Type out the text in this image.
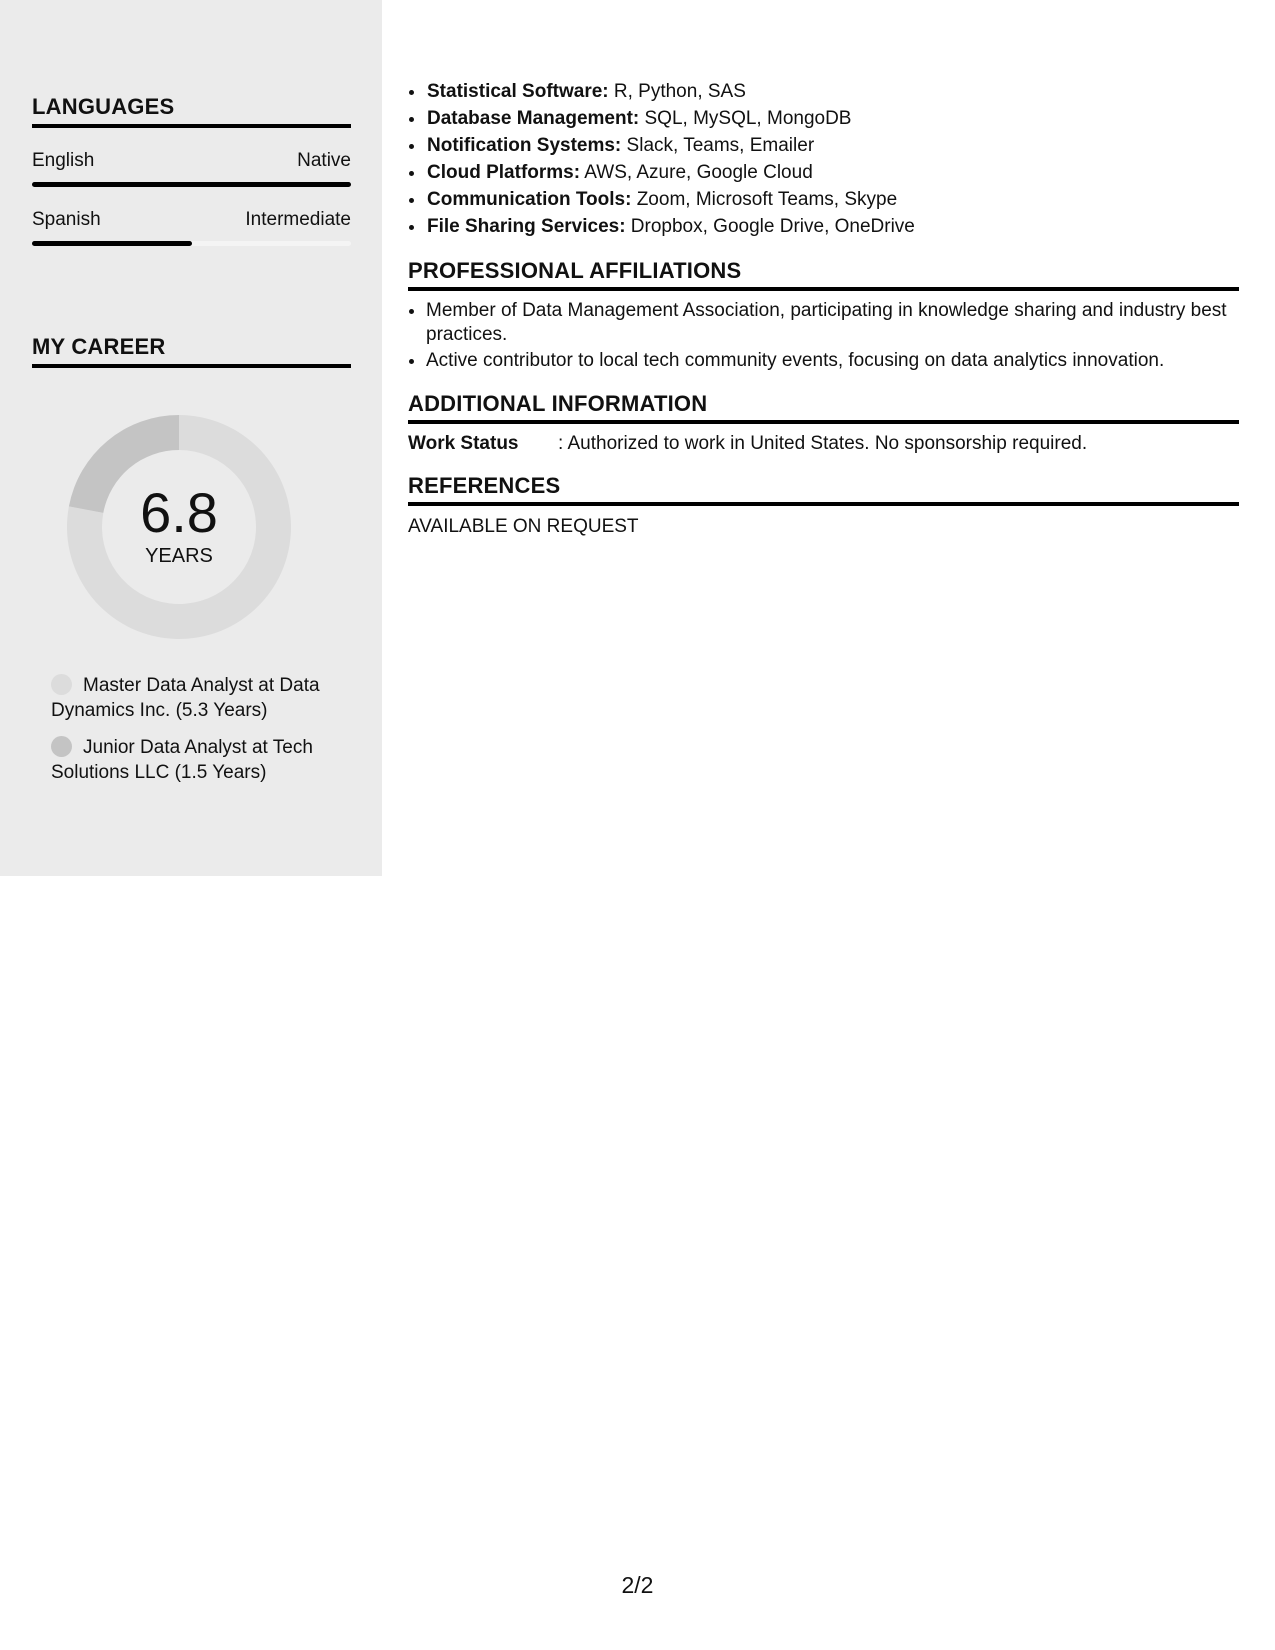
LANGUAGES
English	Native
Spanish	Intermediate
MY CAREER
6.8
YEARS
Master Data Analyst at Data Dynamics Inc. (5.3 Years)
Junior Data Analyst at Tech Solutions LLC (1.5 Years)
• Statistical Software: R, Python, SAS
• Database Management: SQL, MySQL, MongoDB
• Notification Systems: Slack, Teams, Emailer
• Cloud Platforms: AWS, Azure, Google Cloud
• Communication Tools: Zoom, Microsoft Teams, Skype
• File Sharing Services: Dropbox, Google Drive, OneDrive
PROFESSIONAL AFFILIATIONS
• Member of Data Management Association, participating in knowledge sharing and industry best practices.
• Active contributor to local tech community events, focusing on data analytics innovation.
ADDITIONAL INFORMATION
Work Status	: Authorized to work in United States. No sponsorship required.
REFERENCES
AVAILABLE ON REQUEST
2/2
